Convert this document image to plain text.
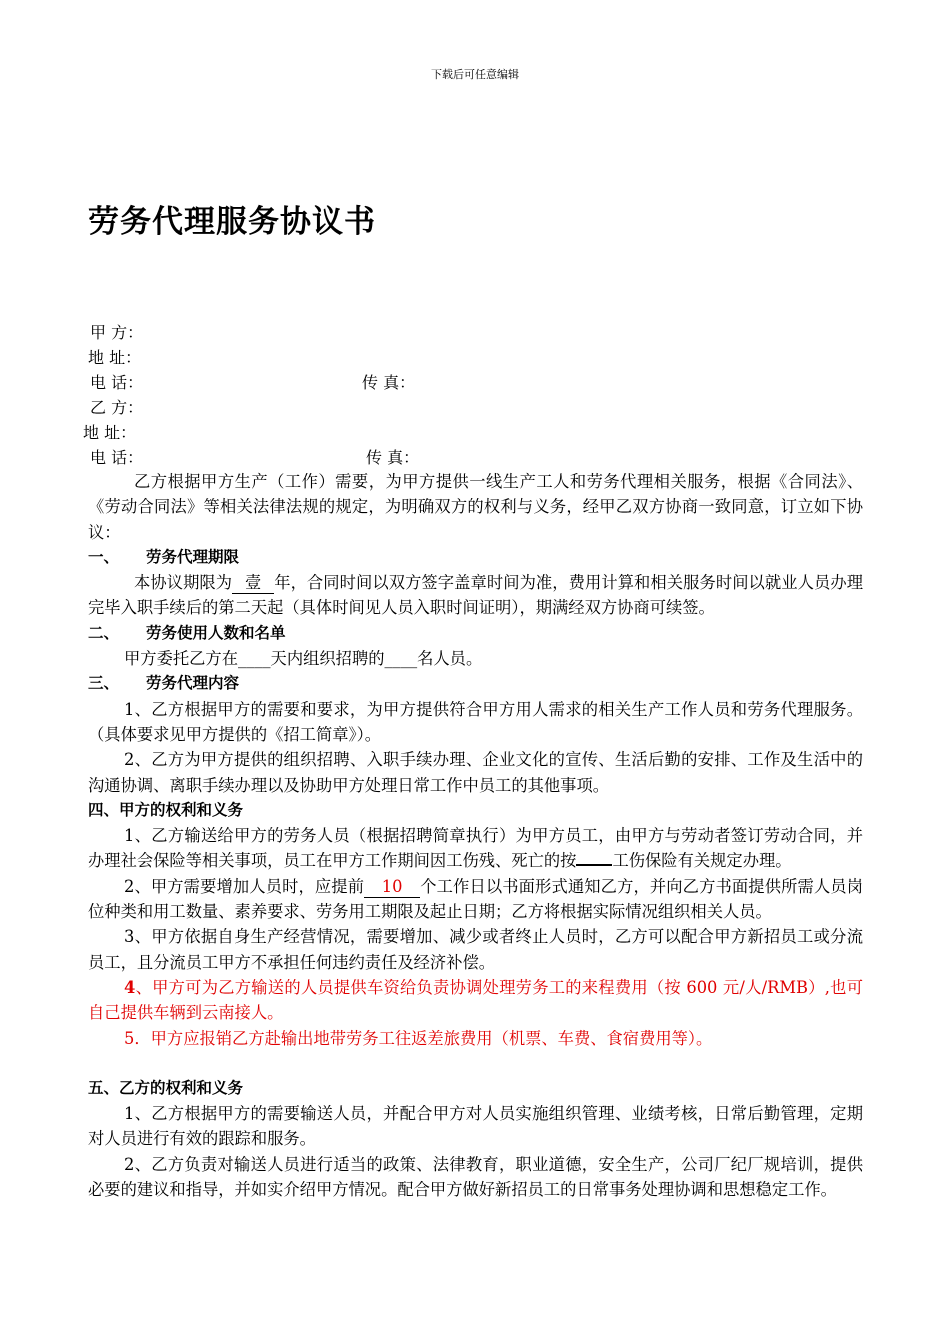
下载后可任意编辑
劳务代理服务协议书
甲 方：
地 址：
电 话：	传 真：
乙 方：
地 址：
电 话：	传 真：

乙方根据甲方生产（工作）需要，为甲方提供一线生产工人和劳务代理相关服务，根据《合同法》、《劳动合同法》等相关法律法规的规定，为明确双方的权利与义务，经甲乙双方协商一致同意，订立如下协议：

一、 劳务代理期限

本协议期限为 壹 年，合同时间以双方签字盖章时间为准，费用计算和相关服务时间以就业人员办理完毕入职手续后的第二天起（具体时间见人员入职时间证明），期满经双方协商可续签。

二、 劳务使用人数和名单

甲方委托乙方在____天内组织招聘的____名人员。

三、 劳务代理内容

1、乙方根据甲方的需要和要求，为甲方提供符合甲方用人需求的相关生产工作人员和劳务代理服务。（具体要求见甲方提供的《招工简章》）。

2、乙方为甲方提供的组织招聘、入职手续办理、企业文化的宣传、生活后勤的安排、工作及生活中的沟通协调、离职手续办理以及协助甲方处理日常工作中员工的其他事项。

四、甲方的权利和义务

1、乙方输送给甲方的劳务人员（根据招聘简章执行）为甲方员工，由甲方与劳动者签订劳动合同，并办理社会保险等相关事项，员工在甲方工作期间因工伤残、死亡的按 工伤保险有关规定办理。

2、甲方需要增加人员时，应提前 10 个工作日以书面形式通知乙方，并向乙方书面提供所需人员岗位种类和用工数量、素养要求、劳务用工期限及起止日期；乙方将根据实际情况组织相关人员。

3、甲方依据自身生产经营情况，需要增加、减少或者终止人员时，乙方可以配合甲方新招员工或分流员工，且分流员工甲方不承担任何违约责任及经济补偿。

4、甲方可为乙方输送的人员提供车资给负责协调处理劳务工的来程费用（按 600 元/人/RMB）,也可自己提供车辆到云南接人。

5．甲方应报销乙方赴输出地带劳务工往返差旅费用（机票、车费、食宿费用等）。

五、乙方的权利和义务

1、乙方根据甲方的需要输送人员，并配合甲方对人员实施组织管理、业绩考核，日常后勤管理，定期对人员进行有效的跟踪和服务。

2、乙方负责对输送人员进行适当的政策、法律教育，职业道德，安全生产，公司厂纪厂规培训，提供必要的建议和指导，并如实介绍甲方情况。配合甲方做好新招员工的日常事务处理协调和思想稳定工作。
